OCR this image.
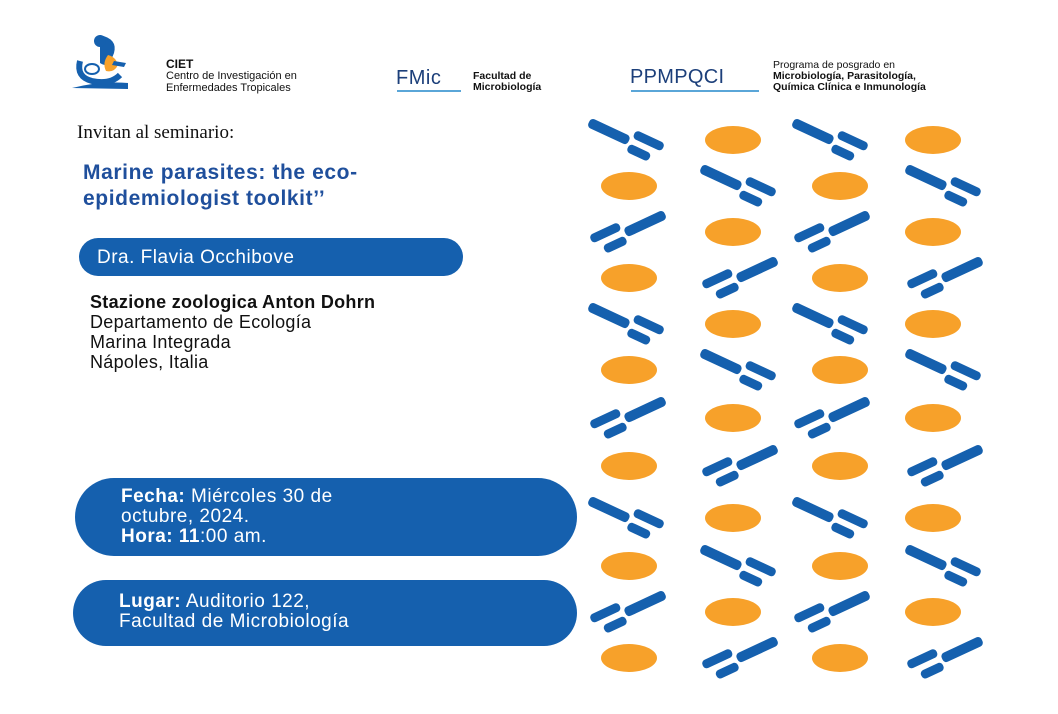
CIET
Centro de Investigación en
Enfermedades Tropicales	FMic	Facultad de
Microbiología	PPMPQCI
Programa de posgrado en
Microbiología, Parasitología,
Química Clínica e Inmunología
Invitan al seminario:
Marine parasites: the eco-
epidemiologist toolkit’’
Dra. Flavia Occhibove
Stazione zoologica Anton Dohrn
Departamento de Ecología
Marina Integrada
Nápoles, Italia
Fecha: Miércoles 30 de
octubre, 2024.
Hora: 11:00 am.
Lugar: Auditorio 122,
Facultad de Microbiología
